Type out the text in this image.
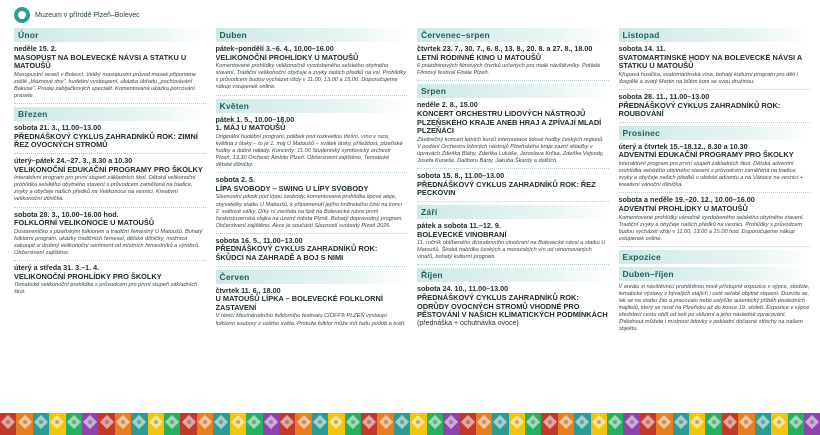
Muzeum v přírodě Plzeň–Bolevec
Únor
neděle 15. 2.
MASOPUST NA BOLEVECKÉ NÁVSI A STATKU U MATOUŠŮ
Masopustní veselí v Bolevci. Veliký masopustní průvod masek připomene zašlé „bláznové dny“, hudební vystoupení, ukázka obřadu „pochovávání Bakuse“. Prodej zabijačkových specialit. Komentovaná ukázka porcování prasete.
Březen
sobota 21. 3., 11.00–13.00
PŘEDNÁŠKOVÝ CYKLUS ZAHRADNÍKŮ ROK: ZIMNÍ ŘEZ OVOCNÝCH STROMŮ
úterý–pátek 24.–27. 3., 8.30 a 10.30
VELIKONOČNÍ EDUKAČNÍ PROGRAMY PRO ŠKOLKY
Interaktivní program pro první stupeň základních škol. Dětská velikonoční prohlídka selského obytného stavení s průvodcem zaměřená na tradice, zvyky a obyčeje našich předků na Velikonoce na vesnici. Kreativní velikonoční dílnička.
sobota 28. 3., 10.00–16.00 hod.
FOLKLORNÍ VELIKONOCE U MATOUŠŮ
Dostaveníčko s plzeňským folklorem a tradiční řemeslný U Matoušů. Bohatý folklorní program, ukázky tradičních řemesel, dětské dílničky, možnost zakoupit si drobný velikonoční sortiment od místních řemeslníků a výrobců. Občerstvení zajištěno.
úterý a středa 31. 3.–1. 4.
VELIKONOČNÍ PROHLÍDKY PRO ŠKOLKY
Tematické velikonoční prohlídka s průvodcem pro první stupeň základních škol.
Duben
pátek–pondělí 3.–6. 4., 10.00–16.00
VELIKONOČNÍ PROHLÍDKY U MATOUŠŮ
Komentované prohlídky velikonočně vyzdobeného selského obytného stavení. Tradiční velikonoční obyčeje a zvyky našich předků na vsi. Prohlídky s průvodcem budou vycházet vždy v 11.00, 13.00 a 15.00. Doporučujeme nákup vstupenek online.
Květen
pátek 1. 5., 10.00–18.00
1. MÁJ U MATOUŠŮ
Originální hudební program, polibek pod rozkvetlou třešní, víno v ruce, květina z lásky – to je 1. máj U Matoušů – svátek lásky, příležitost, plzeňské hudby a dobré nálady. Koncerty: 11.00 Studentský symfonický orchestr Plzeň, 13.30 Orchestr Ambito Plzeň. Občerstvení zajištěno. Tematické dětské dílničky.
sobota 2. 5.
LÍPA SVOBODY – SWING U LÍPY SVOBODY
Slavnostní piknik pod lípou svobody, komentovaná prohlídka lipové aleje, obyvatelky statku U Matoušů, k připomenutí jejího hrdinského činu na konci 2. světové války. Díky ní zavítala na lípě na Bolevecké návsi první československá vlajka na území města Plzně. Bohatý doprovodný program. Občerstvení zajištěno. Akce je součástí Slavností svobody Plzeň 2026.
sobota 16. 5., 11.00–13.00
PŘEDNÁŠKOVÝ CYKLUS ZAHRADNÍKŮ ROK: ŠKŮDCI NA ZAHRADĚ A BOJ S NIMI
Červen
čtvrtek 11. 6., 18.00
U MATOUŠŮ LÍPKA – BOLEVECKÉ FOLKLORNÍ ZASTAVENÍ
V rámci Mezinárodního folklorního festivalu CIOFF® PLZEŇ vystoupí folklorní soubory z celého světa. Protože folklor může mít řadu podob a tváří.
Červenec–srpen
čtvrtek 23. 7., 30. 7., 6. 8., 13. 8., 20. 8. a 27. 8., 18.00
LETNÍ RODINNÉ KINO U MATOUŠŮ
6 prázdninových filmových čtvrtků určených pro malé návštěvníky. Pořádá Filmový festival Finále Plzeň.
Srpen
neděle 2. 8., 15.00
KONCERT ORCHESTRU LIDOVÝCH NÁSTROJŮ PLZEŇSKÉHO KRAJE ANEB HRAJ A ZPÍVAJÍ MLADÍ PLZEŇÁCI
Závěrečný koncert letních kurzů interpretace lidové hudby českých regionů. V podání Orchestru lidových nástrojů Plzeňského kraje zazní skladby v úpravách Zdeňka Bláhy, Zdeňka Lukáše, Jaroslava Krčka, Zdeňka Vejvody, Josefa Kuneše, Daliboru Bárty, Jakuba Škardy a dalších.
sobota 15. 8., 11.00–13.00
PŘEDNÁŠKOVÝ CYKLUS ZAHRADNÍKŮ ROK: ŘEZ PECKOVIN
Září
pátek a sobota 11.–12. 9.
BOLEVECKÉ VINOBRANÍ
11. ročník oblíbeného dvoudenního vinobraní na Bolevecké návsi a statku U Matoušů. Široká nabídka českých a moravských vín od renomovaných vinařů, bohatý kulturní program.
Říjen
sobota 24. 10., 11.00–13.00
PŘEDNÁŠKOVÝ CYKLUS ZAHRADNÍKŮ ROK: ODRŮDY OVOCNÝCH STROMŮ VHODNÉ PRO PĚSTOVÁNÍ V NAŠICH KLIMATICKÝCH PODMÍNKÁCH
(přednáška + ochutnávka ovoce)
Listopad
sobota 14. 11.
SVATOMARTINSKÉ HODY NA BOLEVECKÉ NÁVSI A STATKU U MATOUŠŮ
Křupavá husička, svatomartinská vína, bohatý kulturní program pro děti i dospělé a svatý Martin na bílém koni se svou družinou.
sobota 28. 11., 11.00–13.00
PŘEDNÁŠKOVÝ CYKLUS ZAHRADNÍKŮ ROK: ROUBOVÁNÍ
Prosinec
úterý a čtvrtek 15.–18.12., 8.30 a 10.30
ADVENTNÍ EDUKAČNÍ PROGRAMY PRO ŠKOLKY
Interaktivní program pro první stupeň základních škol. Dětská adventní prohlídka selského obytného stavení s průvodcem zaměřená na tradice, zvyky a obyčeje našich předků v období adventu a na Vánoce na vesnici + kreativní vánoční dílnička.
sobota a neděle 19.–20. 12., 10.00–16.00
ADVENTNÍ PROHLÍDKY U MATOUŠŮ
Komentované prohlídky vánočně vyzdobeného selského obytného stavení. Tradiční zvyky a obyčeje našich předků na vesnici. Prohlídky s průvodcem budou vycházet vždy v 11.00, 13.00 a 15.00 hod. Doporučujeme nákup vstupenek online.
Expozice
Duben–říjen
V areálu si návštěvníci prohlédnou nově přístupné expozice v sýpce, stodole, tematické výstavy v bývalých stájích i celé selské obytné stavení. Dozvíte se, jak se na statku žilo a pracovalo nebo uslyšíte autentický příběh posledních majitelů, který se nosil na Plzeňsku až do konce 19. století. Expozice v sýpce představí cestu obilí od setí po sklizení a jeho následné zpracování. Zhlédnout můžete i místnost lidovky s pokladní dočasné střechy na našem objektu.
